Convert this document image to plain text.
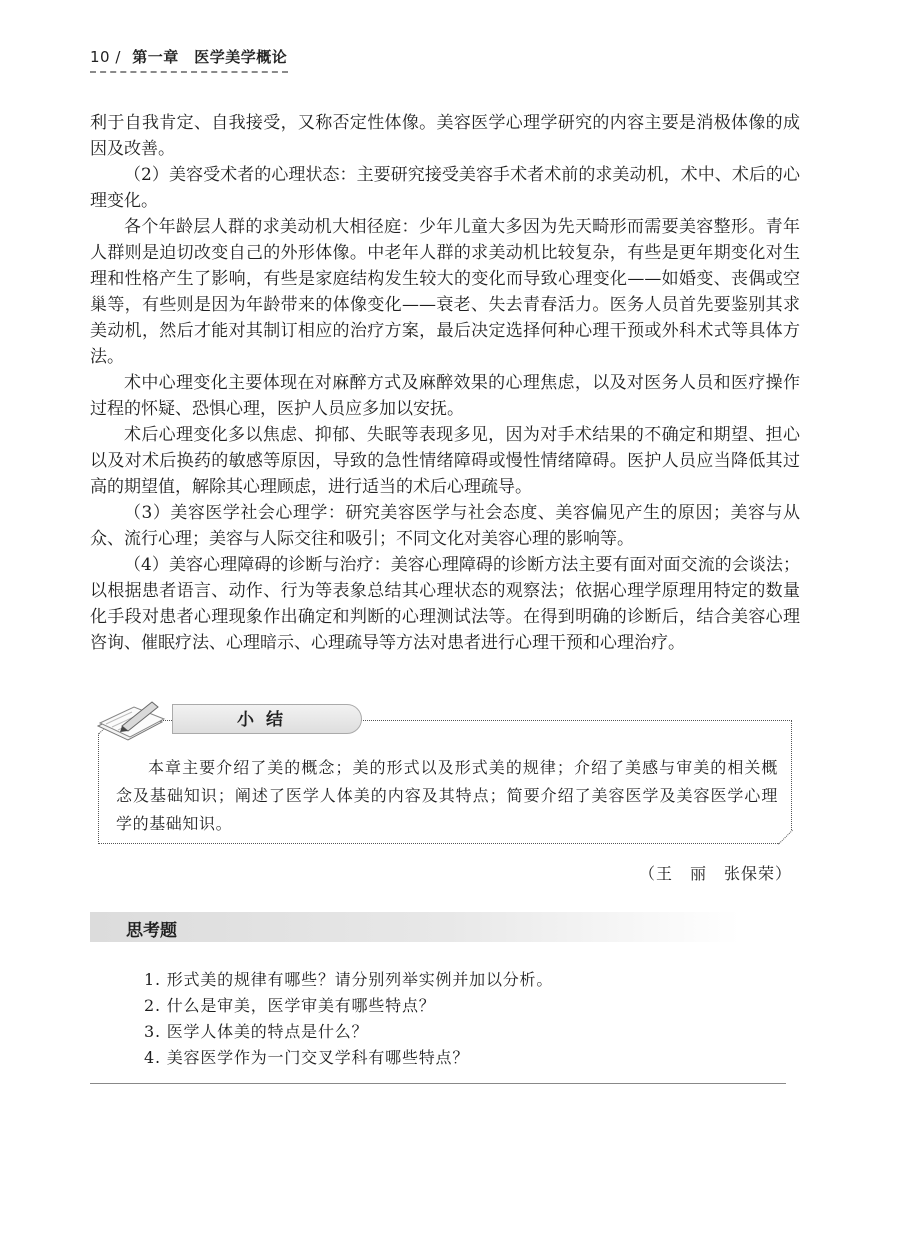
10 / 第一章　医学美学概论

利于自我肯定、自我接受，又称否定性体像。美容医学心理学研究的内容主要是消极体像的成因及改善。

（2）美容受术者的心理状态：主要研究接受美容手术者术前的求美动机，术中、术后的心理变化。

各个年龄层人群的求美动机大相径庭：少年儿童大多因为先天畸形而需要美容整形。青年人群则是迫切改变自己的外形体像。中老年人群的求美动机比较复杂，有些是更年期变化对生理和性格产生了影响，有些是家庭结构发生较大的变化而导致心理变化——如婚变、丧偶或空巢等，有些则是因为年龄带来的体像变化——衰老、失去青春活力。医务人员首先要鉴别其求美动机，然后才能对其制订相应的治疗方案，最后决定选择何种心理干预或外科术式等具体方法。

术中心理变化主要体现在对麻醉方式及麻醉效果的心理焦虑，以及对医务人员和医疗操作过程的怀疑、恐惧心理，医护人员应多加以安抚。

术后心理变化多以焦虑、抑郁、失眠等表现多见，因为对手术结果的不确定和期望、担心以及对术后换药的敏感等原因，导致的急性情绪障碍或慢性情绪障碍。医护人员应当降低其过高的期望值，解除其心理顾虑，进行适当的术后心理疏导。

（3）美容医学社会心理学：研究美容医学与社会态度、美容偏见产生的原因；美容与从众、流行心理；美容与人际交往和吸引；不同文化对美容心理的影响等。

（4）美容心理障碍的诊断与治疗：美容心理障碍的诊断方法主要有面对面交流的会谈法；以根据患者语言、动作、行为等表象总结其心理状态的观察法；依据心理学原理用特定的数量化手段对患者心理现象作出确定和判断的心理测试法等。在得到明确的诊断后，结合美容心理咨询、催眠疗法、心理暗示、心理疏导等方法对患者进行心理干预和心理治疗。

小结

本章主要介绍了美的概念；美的形式以及形式美的规律；介绍了美感与审美的相关概念及基础知识；阐述了医学人体美的内容及其特点；简要介绍了美容医学及美容医学心理学的基础知识。

（王　丽　张保荣）
思考题
1. 形式美的规律有哪些？请分别列举实例并加以分析。
2. 什么是审美，医学审美有哪些特点？
3. 医学人体美的特点是什么？
4. 美容医学作为一门交叉学科有哪些特点？
